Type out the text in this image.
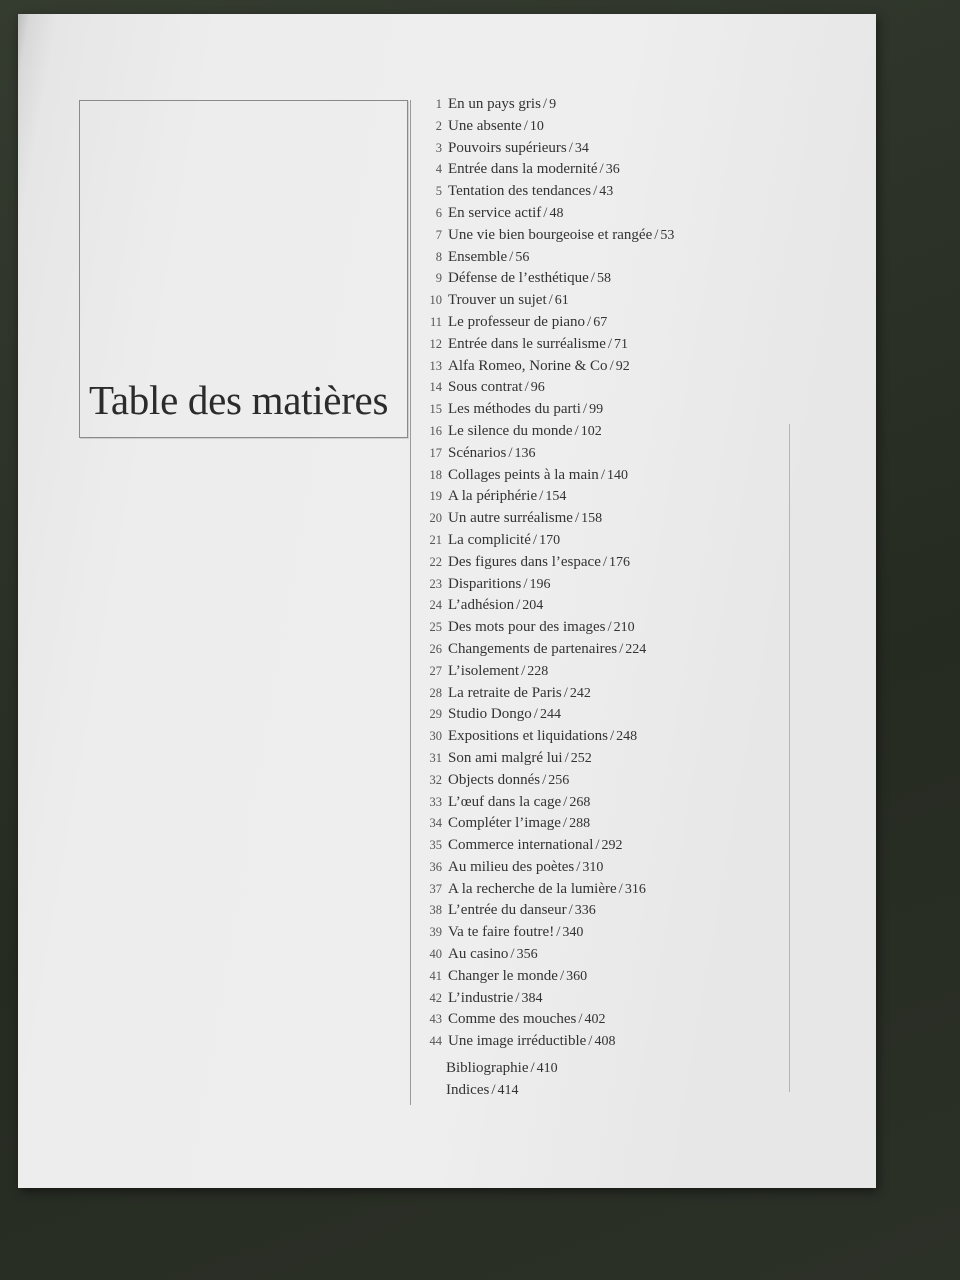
Table des matières
1 En un pays gris / 9
2 Une absente / 10
3 Pouvoirs supérieurs / 34
4 Entrée dans la modernité / 36
5 Tentation des tendances / 43
6 En service actif / 48
7 Une vie bien bourgeoise et rangée / 53
8 Ensemble / 56
9 Défense de l’esthétique / 58
10 Trouver un sujet / 61
11 Le professeur de piano / 67
12 Entrée dans le surréalisme / 71
13 Alfa Romeo, Norine & Co / 92
14 Sous contrat / 96
15 Les méthodes du parti / 99
16 Le silence du monde / 102
17 Scénarios / 136
18 Collages peints à la main / 140
19 A la périphérie / 154
20 Un autre surréalisme / 158
21 La complicité / 170
22 Des figures dans l’espace / 176
23 Disparitions / 196
24 L’adhésion / 204
25 Des mots pour des images / 210
26 Changements de partenaires / 224
27 L’isolement / 228
28 La retraite de Paris / 242
29 Studio Dongo / 244
30 Expositions et liquidations / 248
31 Son ami malgré lui / 252
32 Objects donnés / 256
33 L’œuf dans la cage / 268
34 Compléter l’image / 288
35 Commerce international / 292
36 Au milieu des poètes / 310
37 A la recherche de la lumière / 316
38 L’entrée du danseur / 336
39 Va te faire foutre! / 340
40 Au casino / 356
41 Changer le monde / 360
42 L’industrie / 384
43 Comme des mouches / 402
44 Une image irréductible / 408
Bibliographie / 410
Indices / 414
